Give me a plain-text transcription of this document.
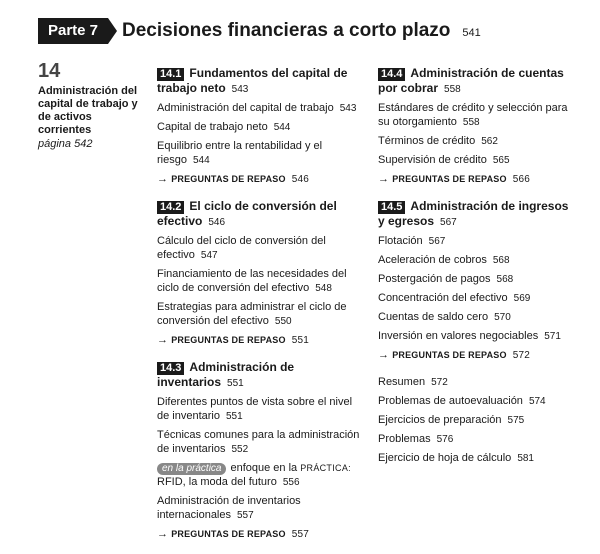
Parte 7	Decisiones financieras a corto plazo 541
14
Administración del capital de trabajo y de activos corrientes
página 542
14.1 Fundamentos del capital de trabajo neto 543
Administración del capital de trabajo 543
Capital de trabajo neto 544
Equilibrio entre la rentabilidad y el riesgo 544
→ PREGUNTAS DE REPASO 546
14.2 El ciclo de conversión del efectivo 546
Cálculo del ciclo de conversión del efectivo 547
Financiamiento de las necesidades del ciclo de conversión del efectivo 548
Estrategias para administrar el ciclo de conversión del efectivo 550
→ PREGUNTAS DE REPASO 551
14.3 Administración de inventarios 551
Diferentes puntos de vista sobre el nivel de inventario 551
Técnicas comunes para la administración de inventarios 552
en la práctica enfoque en la PRÁCTICA: RFID, la moda del futuro 556
Administración de inventarios internacionales 557
→ PREGUNTAS DE REPASO 557
14.4 Administración de cuentas por cobrar 558
Estándares de crédito y selección para su otorgamiento 558
Términos de crédito 562
Supervisión de crédito 565
→ PREGUNTAS DE REPASO 566
14.5 Administración de ingresos y egresos 567
Flotación 567
Aceleración de cobros 568
Postergación de pagos 568
Concentración del efectivo 569
Cuentas de saldo cero 570
Inversión en valores negociables 571
→ PREGUNTAS DE REPASO 572
Resumen 572
Problemas de autoevaluación 574
Ejercicios de preparación 575
Problemas 576
Ejercicio de hoja de cálculo 581
